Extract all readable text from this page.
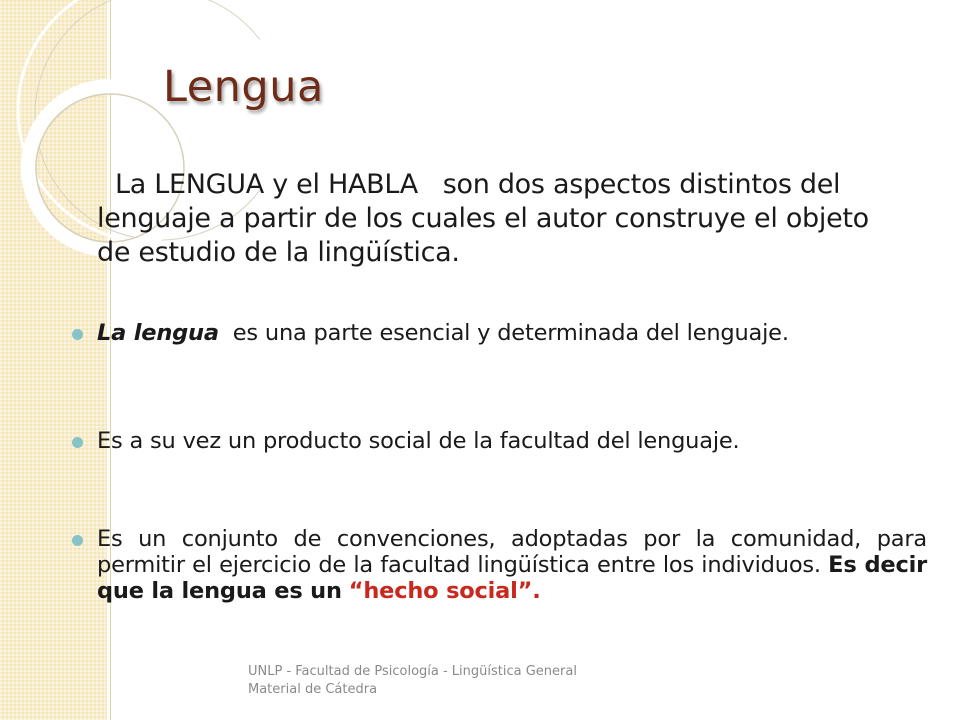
Lengua

La LENGUA y el HABLA son dos aspectos distintos del lenguaje a partir de los cuales el autor construye el objeto de estudio de la lingüística.

La lengua es una parte esencial y determinada del lenguaje.
Es a su vez un producto social de la facultad del lenguaje.
Es un conjunto de convenciones, adoptadas por la comunidad, para permitir el ejercicio de la facultad lingüística entre los individuos. Es decir que la lengua es un “hecho social”.
UNLP - Facultad de Psicología - Lingüística General
Material de Cátedra
